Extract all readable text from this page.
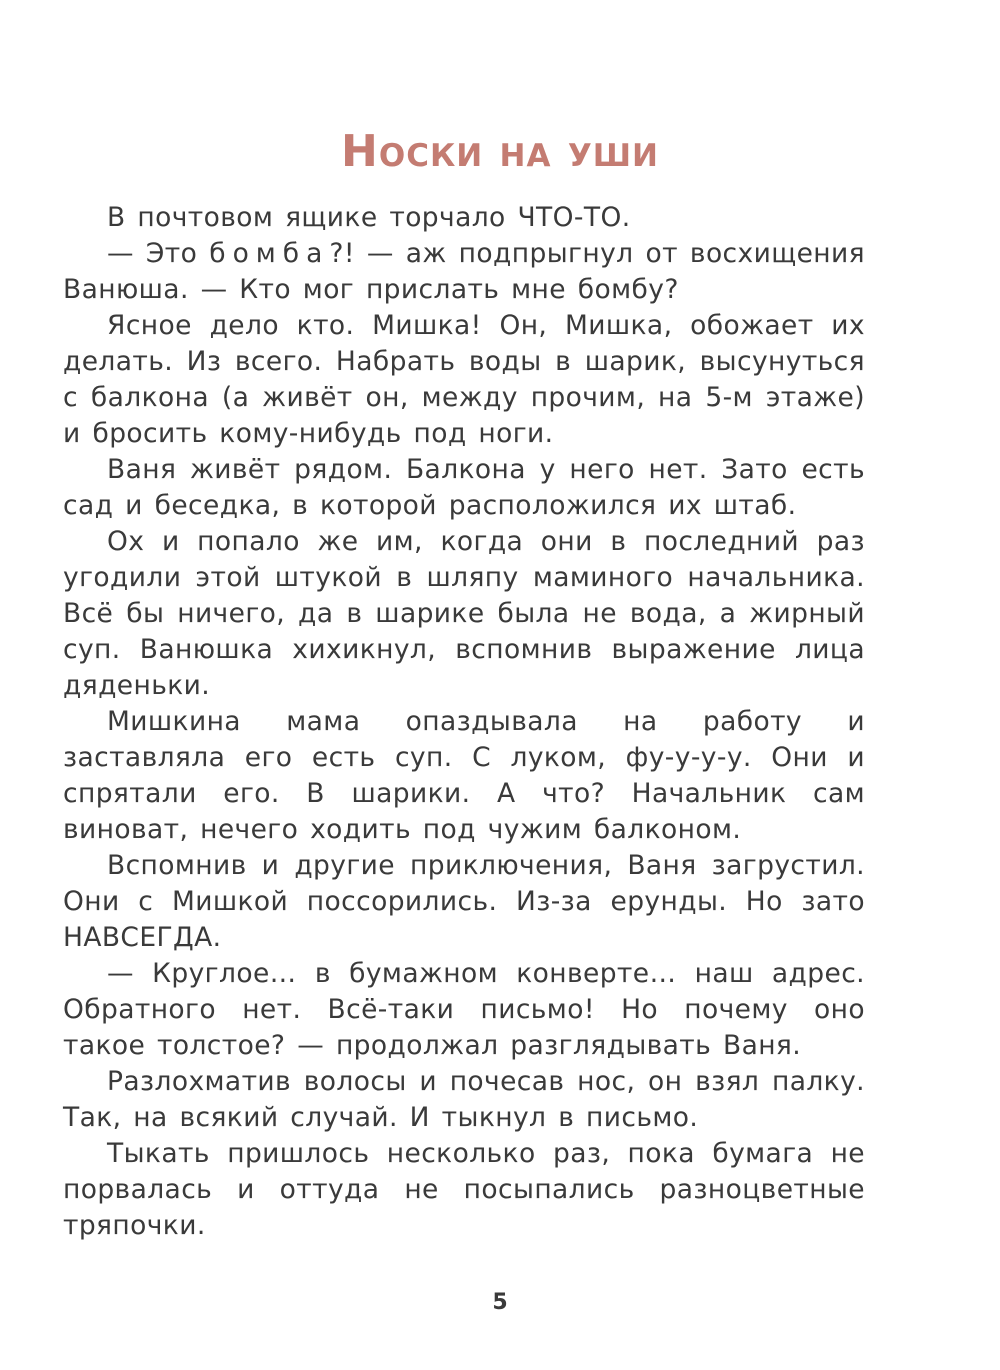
Носки на уши

В почтовом ящике торчало ЧТО-ТО.

— Это бомба?! — аж подпрыгнул от восхищения Ванюша. — Кто мог прислать мне бомбу?

Ясное дело кто. Мишка! Он, Мишка, обожает их делать. Из всего. Набрать воды в шарик, высунуться с балкона (а живёт он, между прочим, на 5-м этаже) и бросить кому-нибудь под ноги.

Ваня живёт рядом. Балкона у него нет. Зато есть сад и беседка, в которой расположился их штаб.

Ох и попало же им, когда они в последний раз угодили этой штукой в шляпу маминого начальника. Всё бы ничего, да в шарике была не вода, а жирный суп. Ванюшка хихикнул, вспомнив выражение лица дяденьки.

Мишкина мама опаздывала на работу и заставляла его есть суп. С луком, фу-у-у-у. Они и спрятали его. В шарики. А что? Начальник сам виноват, нечего ходить под чужим балконом.

Вспомнив и другие приключения, Ваня загрустил. Они с Мишкой поссорились. Из-за ерунды. Но зато НАВСЕГДА.

— Круглое… в бумажном конверте… наш адрес. Обратного нет. Всё-таки письмо! Но почему оно такое толстое? — продолжал разглядывать Ваня.

Разлохматив волосы и почесав нос, он взял палку. Так, на всякий случай. И тыкнул в письмо.

Тыкать пришлось несколько раз, пока бумага не порвалась и оттуда не посыпались разноцветные тряпочки.

5
